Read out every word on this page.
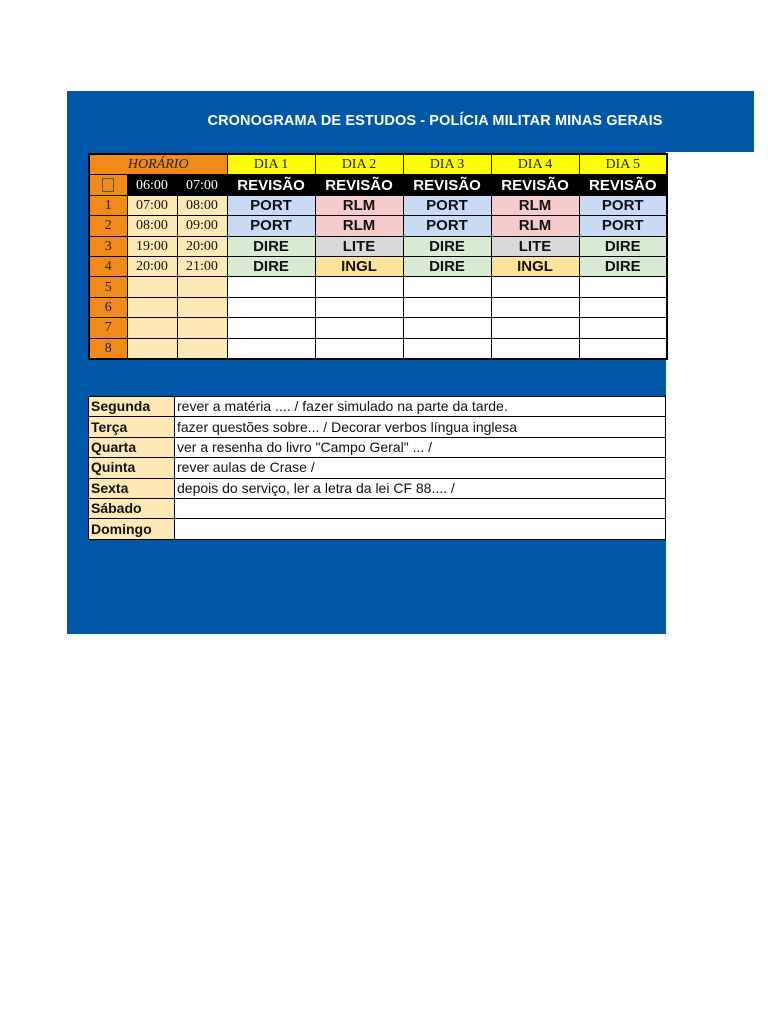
CRONOGRAMA DE ESTUDOS - POLÍCIA MILITAR MINAS GERAIS
HORÁRIO			DIA 1	DIA 2	DIA 3	DIA 4	DIA 5
	06:00	07:00	REVISÃO	REVISÃO	REVISÃO	REVISÃO	REVISÃO
1	07:00	08:00	PORT	RLM	PORT	RLM	PORT
2	08:00	09:00	PORT	RLM	PORT	RLM	PORT
3	19:00	20:00	DIRE	LITE	DIRE	LITE	DIRE
4	20:00	21:00	DIRE	INGL	DIRE	INGL	DIRE
5							
6							
7							
8							
Segunda	rever a matéria .... / fazer simulado na parte da tarde.
Terça	fazer questões sobre... / Decorar verbos língua inglesa
Quarta	ver a resenha do livro "Campo Geral" ... /
Quinta	rever aulas de Crase /
Sexta	depois do serviço, ler a letra da lei CF 88.... /
Sábado	
Domingo	
